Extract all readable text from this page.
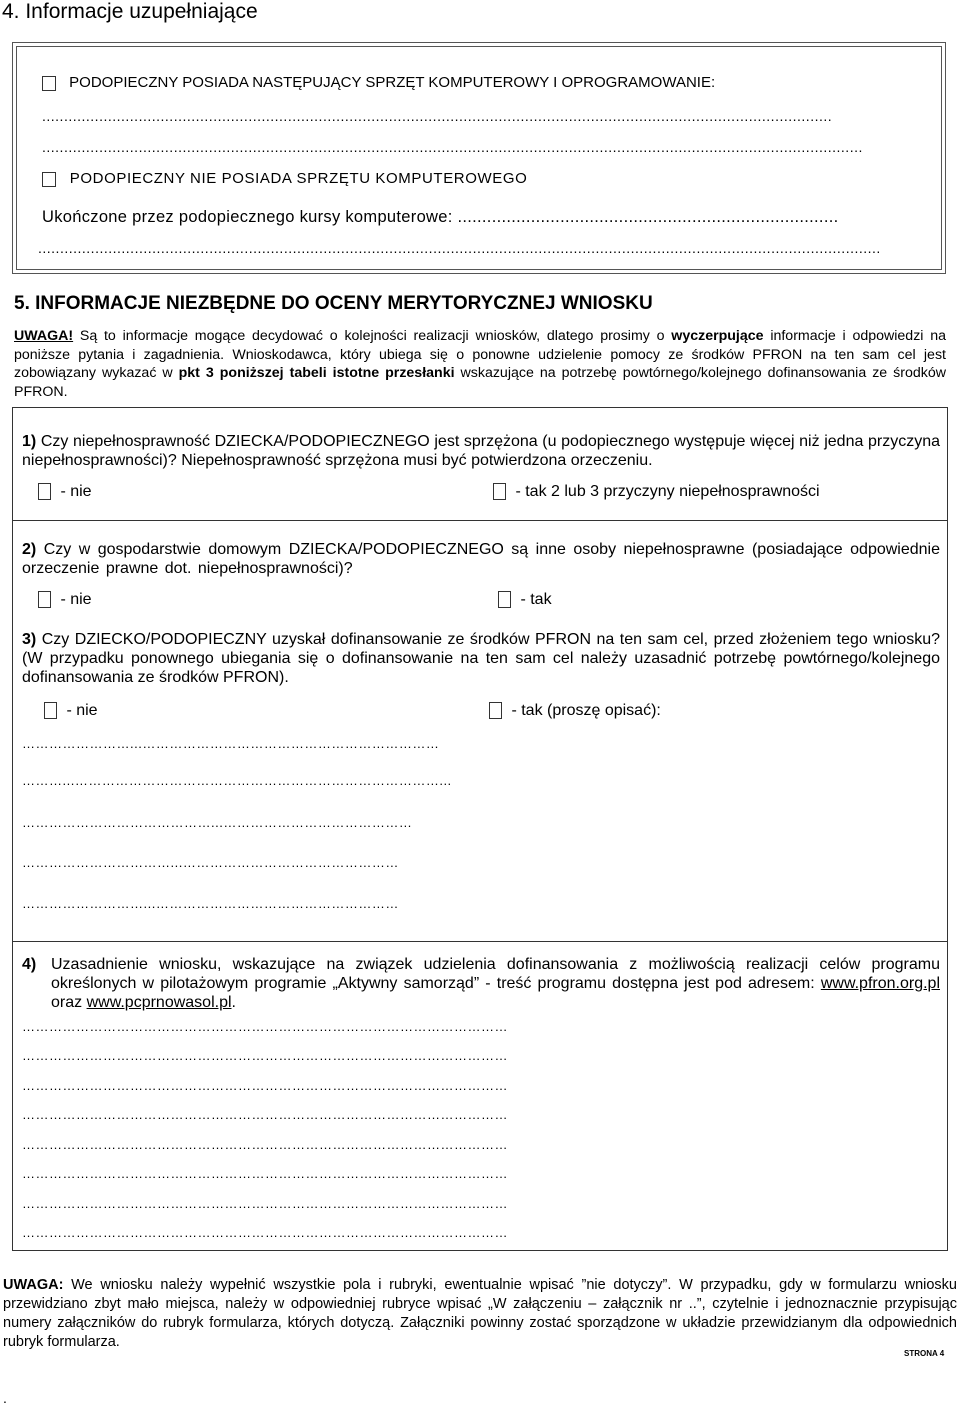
4. Informacje uzupełniające
PODOPIECZNY POSIADA NASTĘPUJĄCY SPRZĘT KOMPUTEROWY I OPROGRAMOWANIE:
....................................................................................................................................................................................
...........................................................................................................................................................................................
PODOPIECZNY NIE POSIADA SPRZĘTU KOMPUTEROWEGO
Ukończone przez podopiecznego kursy komputerowe: ..............................................................................
................................................................................................................................................................................................
5. INFORMACJE NIEZBĘDNE DO OCENY MERYTORYCZNEJ WNIOSKU
UWAGA! Są to informacje mogące decydować o kolejności realizacji wniosków, dlatego prosimy o wyczerpujące informacje i odpowiedzi na poniższe pytania i zagadnienia. Wnioskodawca, który ubiega się o ponowne udzielenie pomocy ze środków PFRON na ten sam cel jest zobowiązany wykazać w pkt 3 poniższej tabeli istotne przesłanki wskazujące na potrzebę powtórnego/kolejnego dofinansowania ze środków PFRON.
1) Czy niepełnosprawność DZIECKA/PODOPIECZNEGO jest sprzężona (u podopiecznego występuje więcej niż jedna przyczyna niepełnosprawności)? Niepełnosprawność sprzężona musi być potwierdzona orzeczeniu.
- nie	- tak 2 lub 3 przyczyny niepełnosprawności
2) Czy w gospodarstwie domowym DZIECKA/PODOPIECZNEGO są inne osoby niepełnosprawne (posiadające odpowiednie orzeczenie prawne dot. niepełnosprawności)?
- nie	- tak
3) Czy DZIECKO/PODOPIECZNY uzyskał dofinansowanie ze środków PFRON na ten sam cel, przed złożeniem tego wniosku? (W przypadku ponownego ubiegania się o dofinansowanie na ten sam cel należy uzasadnić potrzebę powtórnego/kolejnego dofinansowania ze środków PFRON).
- nie	- tak (proszę opisać):
……………………...…………………………………………………………
………...………………………………………………………………………...
……………………………………...……………………………………
……………………………...…………………………………………
………………………...………………………………………………
4) Uzasadnienie wniosku, wskazujące na związek udzielenia dofinansowania z możliwością realizacji celów programu określonych w pilotażowym programie „Aktywny samorząd” - treść programu dostępna jest pod adresem: www.pfron.org.pl oraz www.pcprnowasol.pl.
………………………………………………………………………………………………
………………………………………………………………………………………………
………………………………………………………………………………………………
………………………………………………………………………………………………
………………………………………………………………………………………………
………………………………………………………………………………………………
………………………………………………………………………………………………
………………………………………………………………………………………………
UWAGA: We wniosku należy wypełnić wszystkie pola i rubryki, ewentualnie wpisać ”nie dotyczy”. W przypadku, gdy w formularzu wniosku przewidziano zbyt mało miejsca, należy w odpowiedniej rubryce wpisać „W załączeniu – załącznik nr ..”, czytelnie i jednoznacznie przypisując numery załączników do rubryk formularza, których dotyczą. Załączniki powinny zostać sporządzone w układzie przewidzianym dla odpowiednich rubryk formularza.
STRONA 4
.
